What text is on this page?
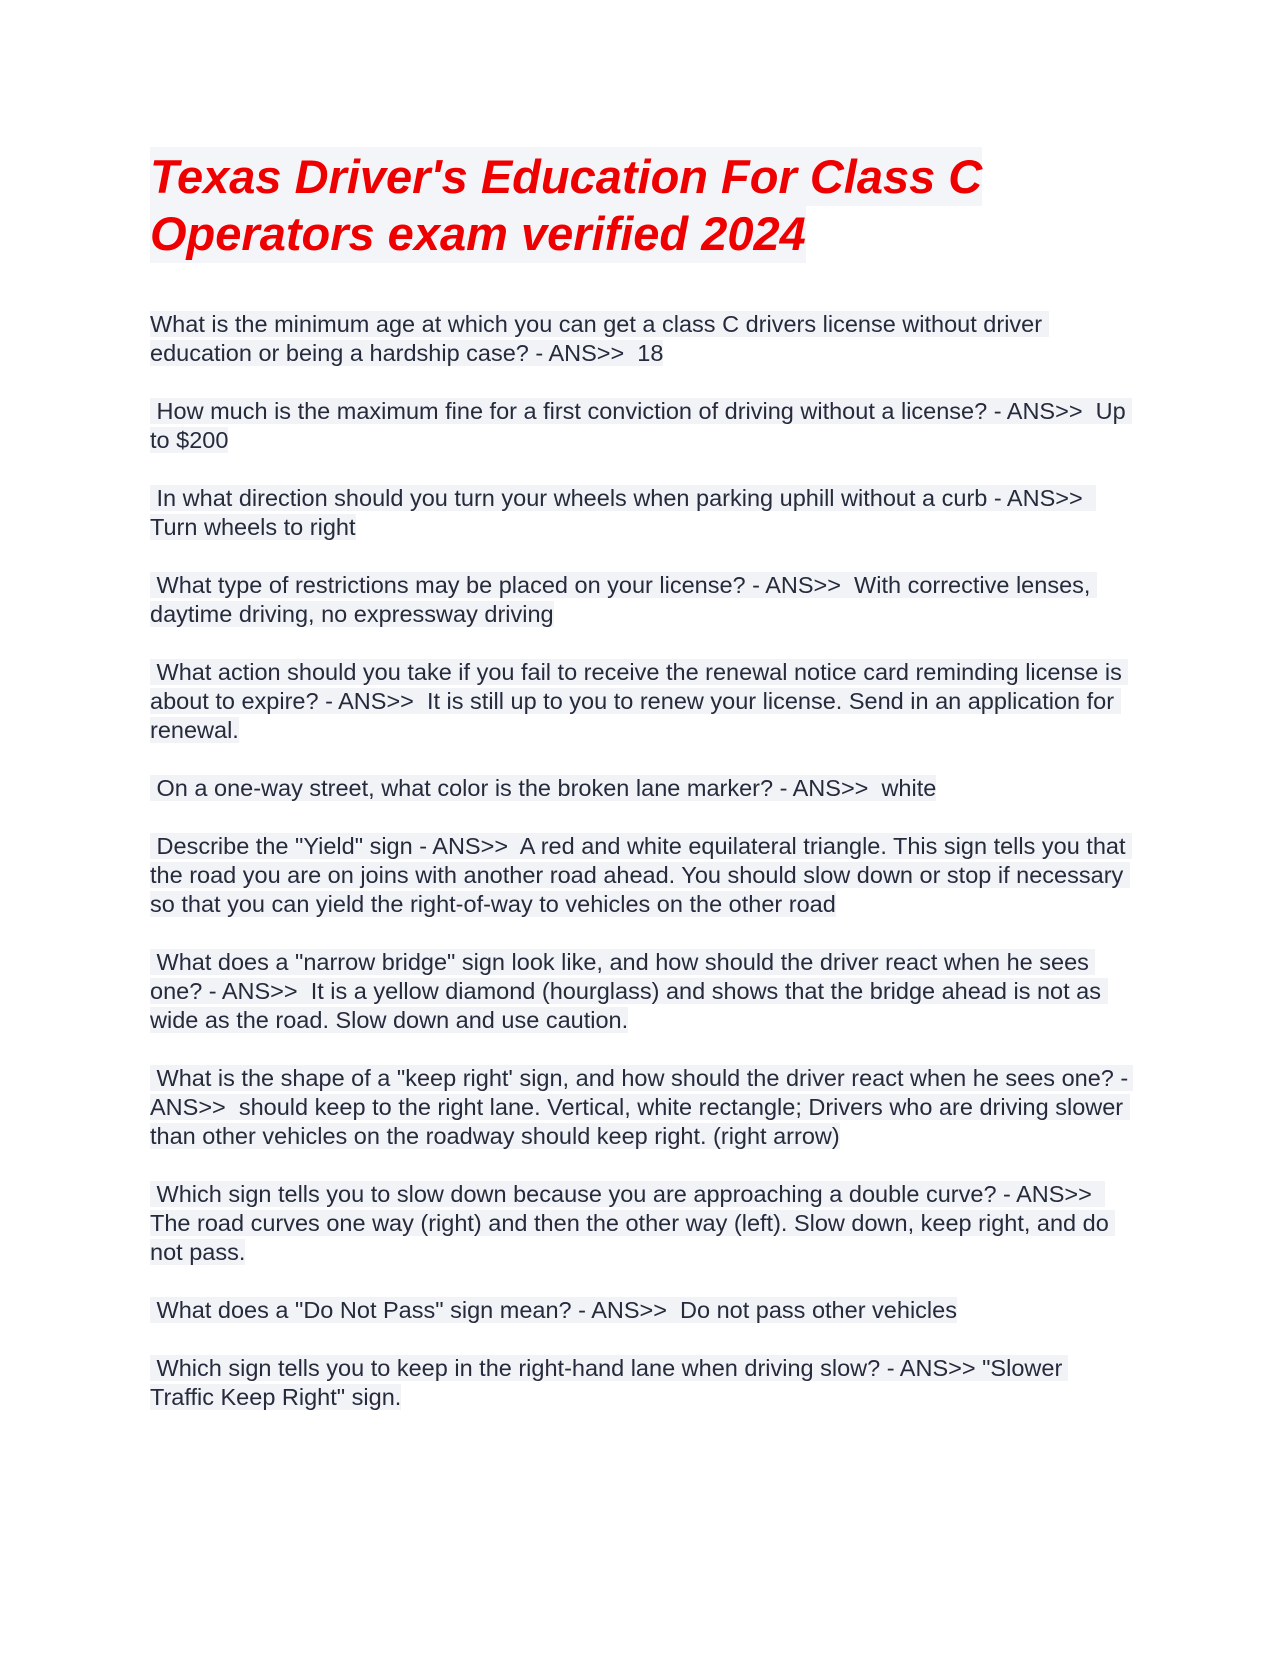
Texas Driver's Education For Class C Operators exam verified 2024

What is the minimum age at which you can get a class C drivers license without driver education or being a hardship case? - ANS>>  18

How much is the maximum fine for a first conviction of driving without a license? - ANS>>  Up to $200

In what direction should you turn your wheels when parking uphill without a curb - ANS>>  Turn wheels to right

What type of restrictions may be placed on your license? - ANS>>  With corrective lenses, daytime driving, no expressway driving

What action should you take if you fail to receive the renewal notice card reminding license is about to expire? - ANS>>  It is still up to you to renew your license. Send in an application for renewal.

On a one-way street, what color is the broken lane marker? - ANS>>  white

Describe the "Yield" sign - ANS>>  A red and white equilateral triangle. This sign tells you that the road you are on joins with another road ahead. You should slow down or stop if necessary so that you can yield the right-of-way to vehicles on the other road

What does a "narrow bridge" sign look like, and how should the driver react when he sees one? - ANS>>  It is a yellow diamond (hourglass) and shows that the bridge ahead is not as wide as the road. Slow down and use caution.

What is the shape of a "keep right' sign, and how should the driver react when he sees one? - ANS>>  should keep to the right lane. Vertical, white rectangle; Drivers who are driving slower than other vehicles on the roadway should keep right. (right arrow)

Which sign tells you to slow down because you are approaching a double curve? - ANS>>  The road curves one way (right) and then the other way (left). Slow down, keep right, and do not pass.

What does a "Do Not Pass" sign mean? - ANS>>  Do not pass other vehicles

Which sign tells you to keep in the right-hand lane when driving slow? - ANS>> "Slower Traffic Keep Right" sign.
